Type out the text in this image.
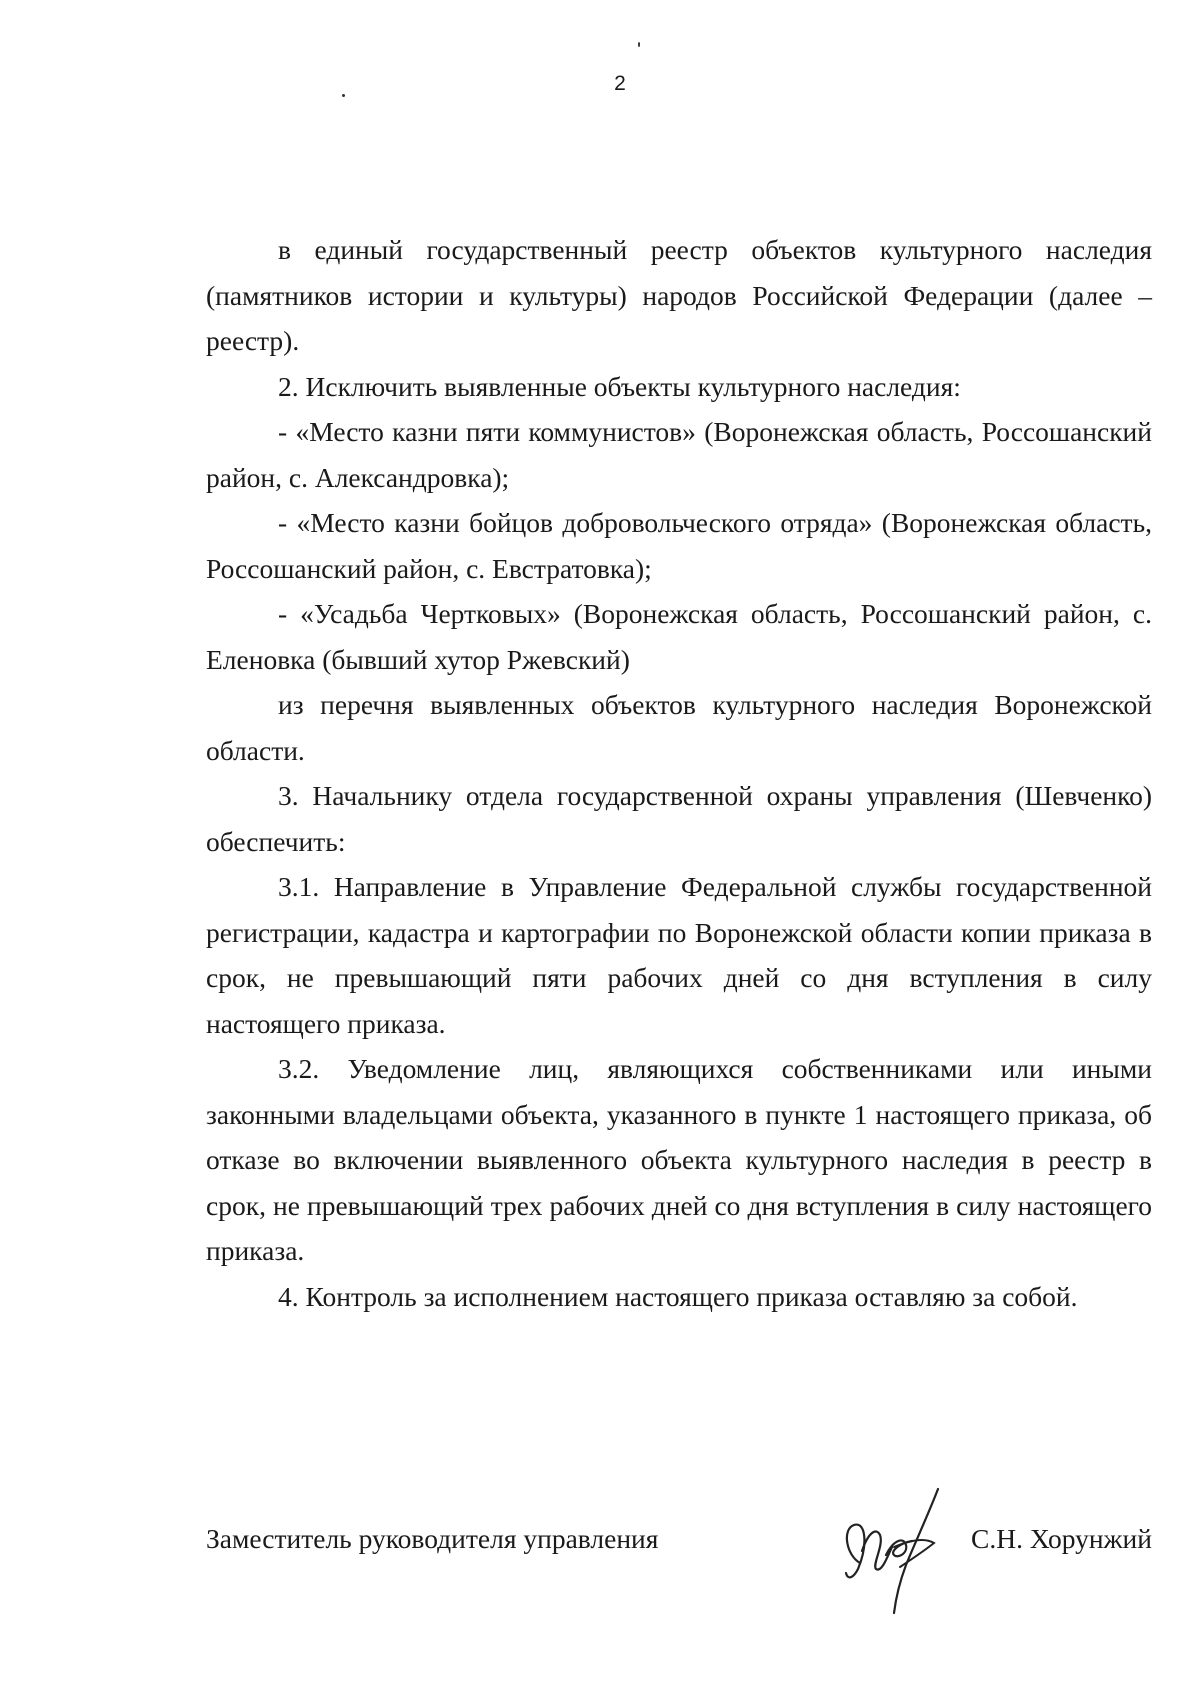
2

в единый государственный реестр объектов культурного наследия (памятников истории и культуры) народов Российской Федерации (далее – реестр).

2. Исключить выявленные объекты культурного наследия:

- «Место казни пяти коммунистов» (Воронежская область, Россошанский район, с. Александровка);

- «Место казни бойцов добровольческого отряда» (Воронежская область, Россошанский район, с. Евстратовка);

- «Усадьба Чертковых» (Воронежская область, Россошанский район, с. Еленовка (бывший хутор Ржевский)

из перечня выявленных объектов культурного наследия Воронежской области.

3. Начальнику отдела государственной охраны управления (Шевченко) обеспечить:

3.1. Направление в Управление Федеральной службы государственной регистрации, кадастра и картографии по Воронежской области копии приказа в срок, не превышающий пяти рабочих дней со дня вступления в силу настоящего приказа.

3.2. Уведомление лиц, являющихся собственниками или иными законными владельцами объекта, указанного в пункте 1 настоящего приказа, об отказе во включении выявленного объекта культурного наследия в реестр в срок, не превышающий трех рабочих дней со дня вступления в силу настоящего приказа.

4. Контроль за исполнением настоящего приказа оставляю за собой.

Заместитель руководителя управления	С.Н. Хорунжий
